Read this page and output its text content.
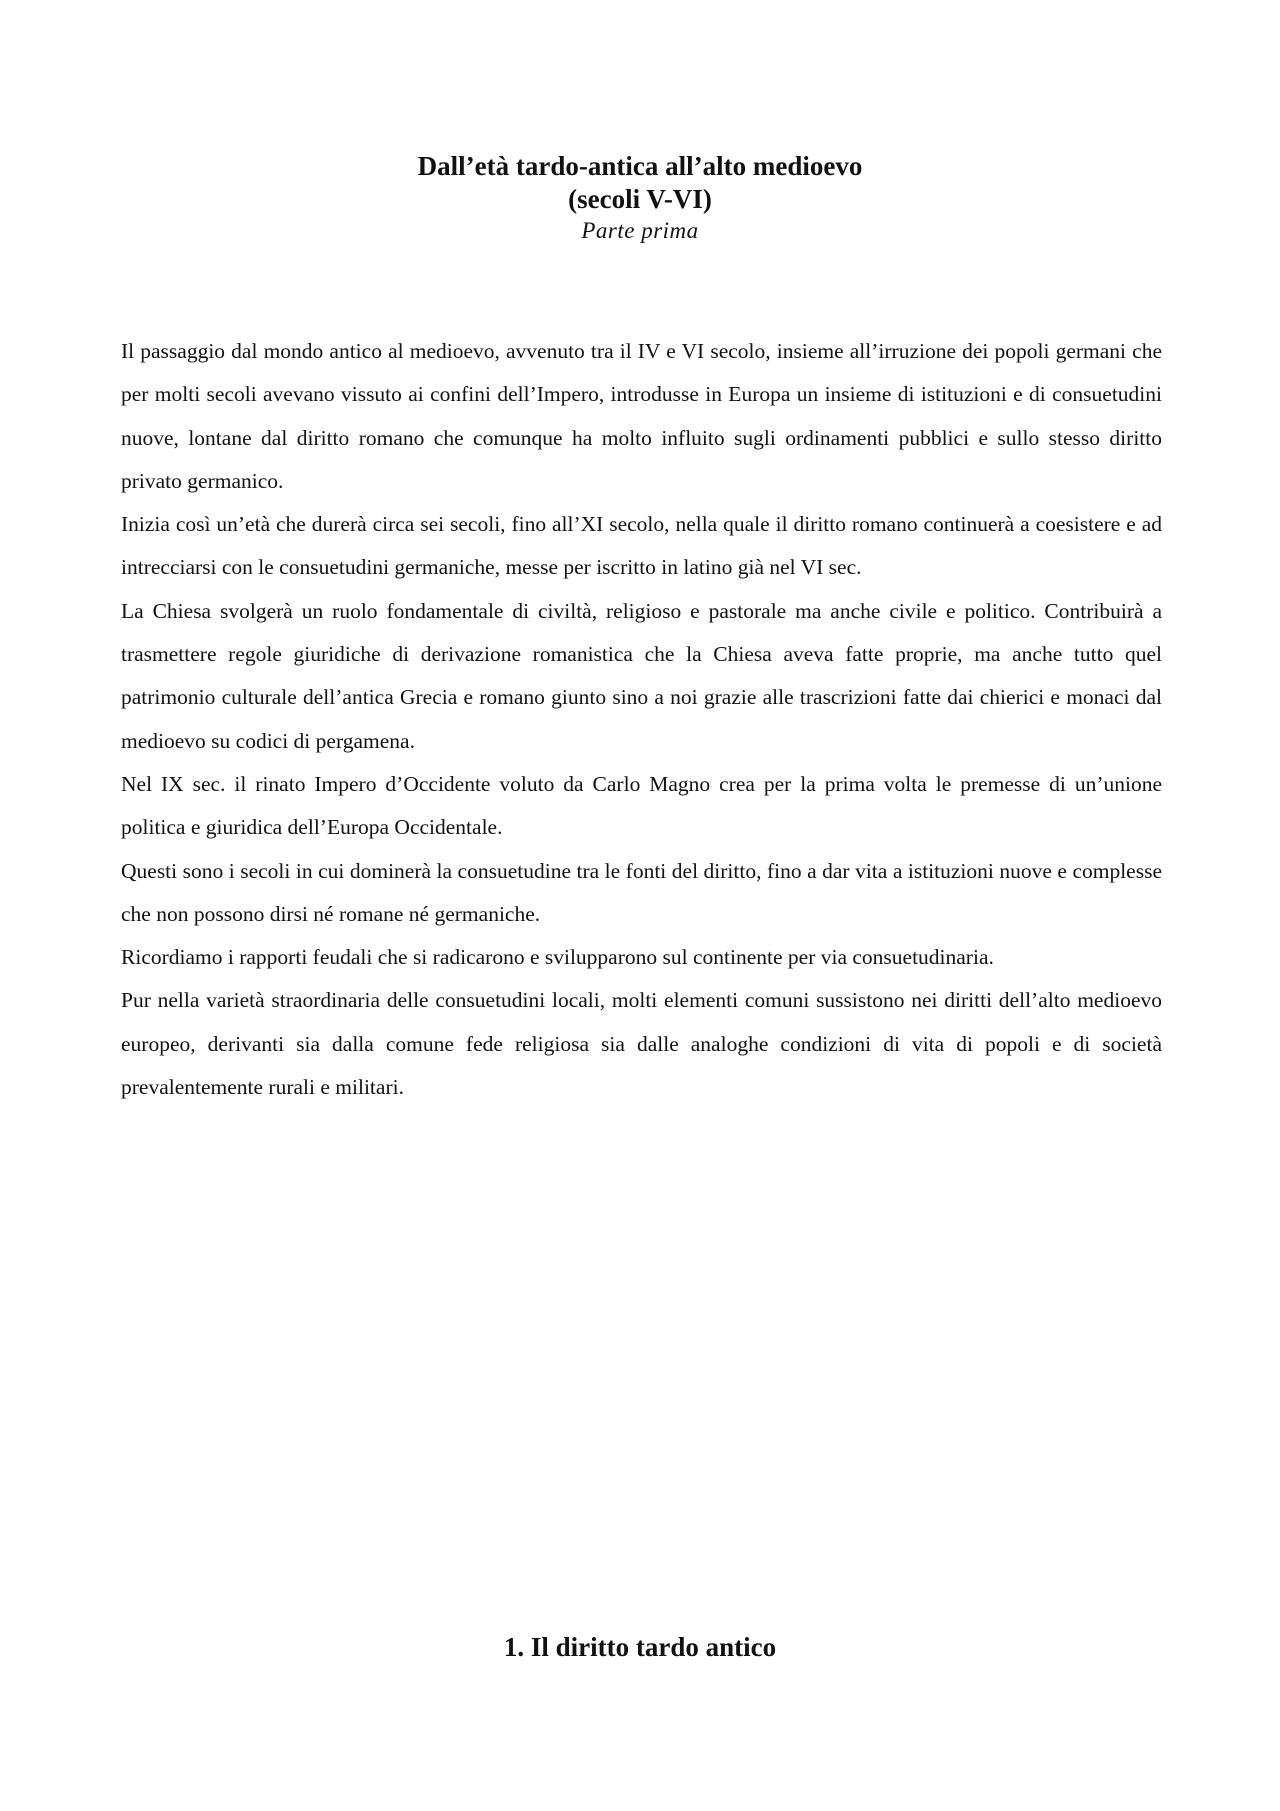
Dall’età tardo-antica all’alto medioevo

(secoli V-VI)

Parte prima

Il passaggio dal mondo antico al medioevo, avvenuto tra il IV e VI secolo, insieme all’irruzione dei popoli germani che per molti secoli avevano vissuto ai confini dell’Impero, introdusse in Europa un insieme di istituzioni e di consuetudini nuove, lontane dal diritto romano che comunque ha molto influito sugli ordinamenti pubblici e sullo stesso diritto privato germanico.

Inizia così un’età che durerà circa sei secoli, fino all’XI secolo, nella quale il diritto romano continuerà a coesistere e ad intrecciarsi con le consuetudini germaniche, messe per iscritto in latino già nel VI sec.

La Chiesa svolgerà un ruolo fondamentale di civiltà, religioso e pastorale ma anche civile e politico. Contribuirà a trasmettere regole giuridiche di derivazione romanistica che la Chiesa aveva fatte proprie, ma anche tutto quel patrimonio culturale dell’antica Grecia e romano giunto sino a noi grazie alle trascrizioni fatte dai chierici e monaci dal medioevo su codici di pergamena.

Nel IX sec. il rinato Impero d’Occidente voluto da Carlo Magno crea per la prima volta le premesse di un’unione politica e giuridica dell’Europa Occidentale.

Questi sono i secoli in cui dominerà la consuetudine tra le fonti del diritto, fino a dar vita a istituzioni nuove e complesse che non possono dirsi né romane né germaniche.

Ricordiamo i rapporti feudali che si radicarono e svilupparono sul continente per via consuetudinaria.

Pur nella varietà straordinaria delle consuetudini locali, molti elementi comuni sussistono nei diritti dell’alto medioevo europeo, derivanti sia dalla comune fede religiosa sia dalle analoghe condizioni di vita di popoli e di società prevalentemente rurali e militari.

1. Il diritto tardo antico
